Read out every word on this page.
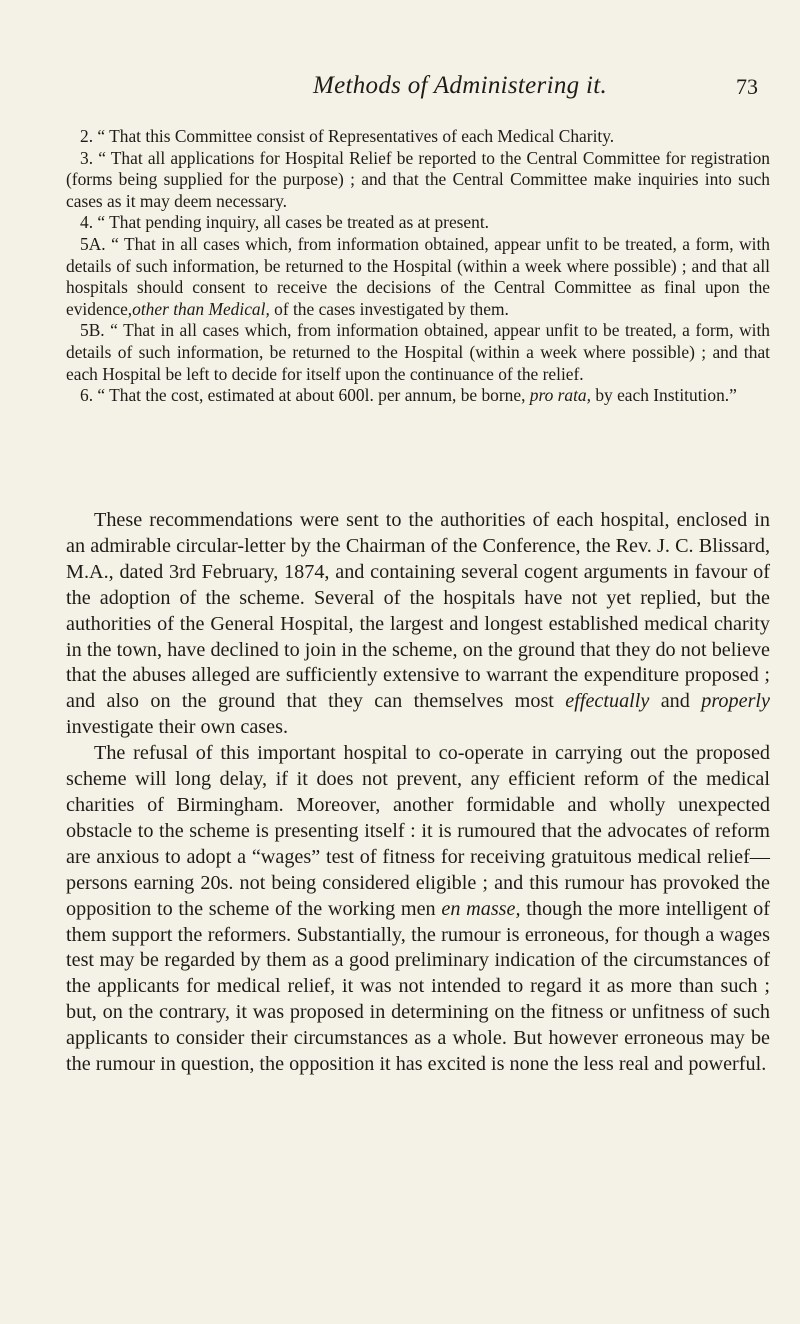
Methods of Administering it.	73

2. “ That this Committee consist of Representatives of each Medical Charity.

3. “ That all applications for Hospital Relief be reported to the Central Committee for registration (forms being supplied for the purpose) ; and that the Central Committee make inquiries into such cases as it may deem necessary.

4. “ That pending inquiry, all cases be treated as at present.

5A. “ That in all cases which, from information obtained, appear unfit to be treated, a form, with details of such information, be returned to the Hospital (within a week where possible) ; and that all hospitals should consent to receive the decisions of the Central Committee as final upon the evidence,other than Medical, of the cases investigated by them.

5B. “ That in all cases which, from information obtained, appear unfit to be treated, a form, with details of such information, be returned to the Hospital (within a week where possible) ; and that each Hospital be left to decide for itself upon the continuance of the relief.

6. “ That the cost, estimated at about 600l. per annum, be borne, pro rata, by each Institution.”

These recommendations were sent to the authorities of each hospital, enclosed in an admirable circular-letter by the Chairman of the Conference, the Rev. J. C. Blissard, M.A., dated 3rd February, 1874, and containing several cogent arguments in favour of the adoption of the scheme. Several of the hospitals have not yet replied, but the authorities of the General Hospital, the largest and longest established medical charity in the town, have declined to join in the scheme, on the ground that they do not believe that the abuses alleged are sufficiently extensive to warrant the expenditure proposed ; and also on the ground that they can themselves most effectually and properly investigate their own cases.

The refusal of this important hospital to co-operate in carrying out the proposed scheme will long delay, if it does not prevent, any efficient reform of the medical charities of Birmingham. Moreover, another formidable and wholly unexpected obstacle to the scheme is presenting itself : it is rumoured that the advocates of reform are anxious to adopt a “wages” test of fitness for receiving gratuitous medical relief—persons earning 20s. not being considered eligible ; and this rumour has provoked the opposition to the scheme of the working men en masse, though the more intelligent of them support the reformers. Substantially, the rumour is erroneous, for though a wages test may be regarded by them as a good preliminary indication of the circumstances of the applicants for medical relief, it was not intended to regard it as more than such ; but, on the contrary, it was proposed in determining on the fitness or unfitness of such applicants to consider their circumstances as a whole. But however erroneous may be the rumour in question, the opposition it has excited is none the less real and powerful.
